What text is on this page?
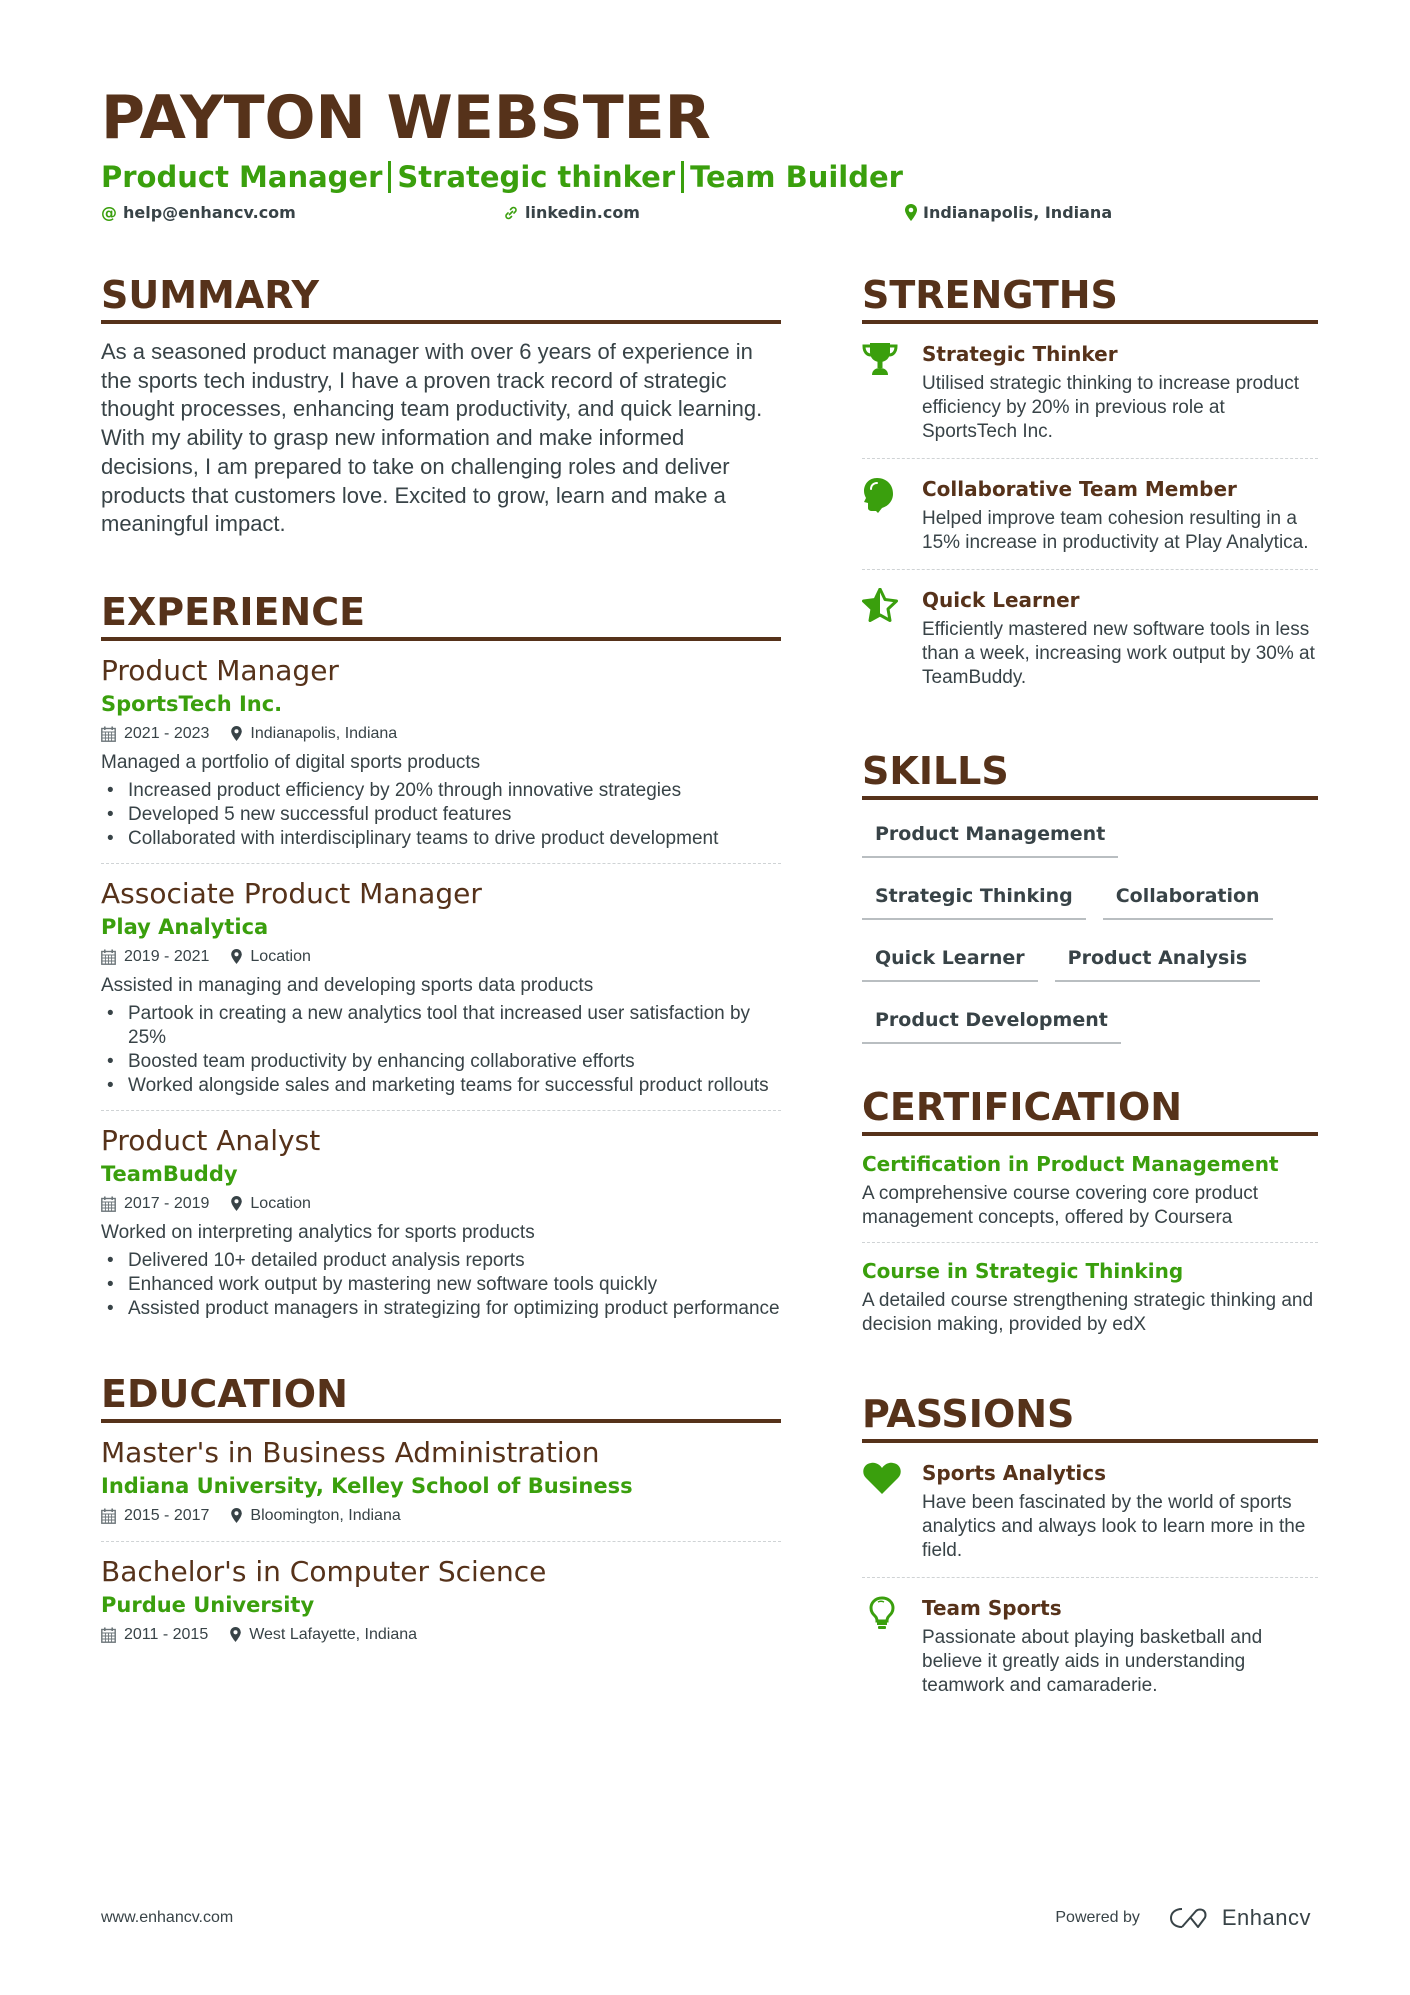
PAYTON WEBSTER
Product Manager Strategic thinker Team Builder
@ help@enhancv.com	linkedin.com	Indianapolis, Indiana
SUMMARY
As a seasoned product manager with over 6 years of experience in the sports tech industry, I have a proven track record of strategic thought processes, enhancing team productivity, and quick learning. With my ability to grasp new information and make informed decisions, I am prepared to take on challenging roles and deliver products that customers love. Excited to grow, learn and make a meaningful impact.
EXPERIENCE
Product Manager
SportsTech Inc.
2021 - 2023	Indianapolis, Indiana
Managed a portfolio of digital sports products
• Increased product efficiency by 20% through innovative strategies
• Developed 5 new successful product features
• Collaborated with interdisciplinary teams to drive product development
Associate Product Manager
Play Analytica
2019 - 2021	Location
Assisted in managing and developing sports data products
• Partook in creating a new analytics tool that increased user satisfaction by 25%
• Boosted team productivity by enhancing collaborative efforts
• Worked alongside sales and marketing teams for successful product rollouts
Product Analyst
TeamBuddy
2017 - 2019	Location
Worked on interpreting analytics for sports products
• Delivered 10+ detailed product analysis reports
• Enhanced work output by mastering new software tools quickly
• Assisted product managers in strategizing for optimizing product performance
EDUCATION
Master's in Business Administration
Indiana University, Kelley School of Business
2015 - 2017	Bloomington, Indiana
Bachelor's in Computer Science
Purdue University
2011 - 2015	West Lafayette, Indiana
STRENGTHS
Strategic Thinker
Utilised strategic thinking to increase product efficiency by 20% in previous role at SportsTech Inc.
Collaborative Team Member
Helped improve team cohesion resulting in a 15% increase in productivity at Play Analytica.
Quick Learner
Efficiently mastered new software tools in less than a week, increasing work output by 30% at TeamBuddy.
SKILLS
Product Management
Strategic Thinking	Collaboration
Quick Learner	Product Analysis
Product Development
CERTIFICATION
Certification in Product Management
A comprehensive course covering core product management concepts, offered by Coursera
Course in Strategic Thinking
A detailed course strengthening strategic thinking and decision making, provided by edX
PASSIONS
Sports Analytics
Have been fascinated by the world of sports analytics and always look to learn more in the field.
Team Sports
Passionate about playing basketball and believe it greatly aids in understanding teamwork and camaraderie.
www.enhancv.com	Powered by	Enhancv
